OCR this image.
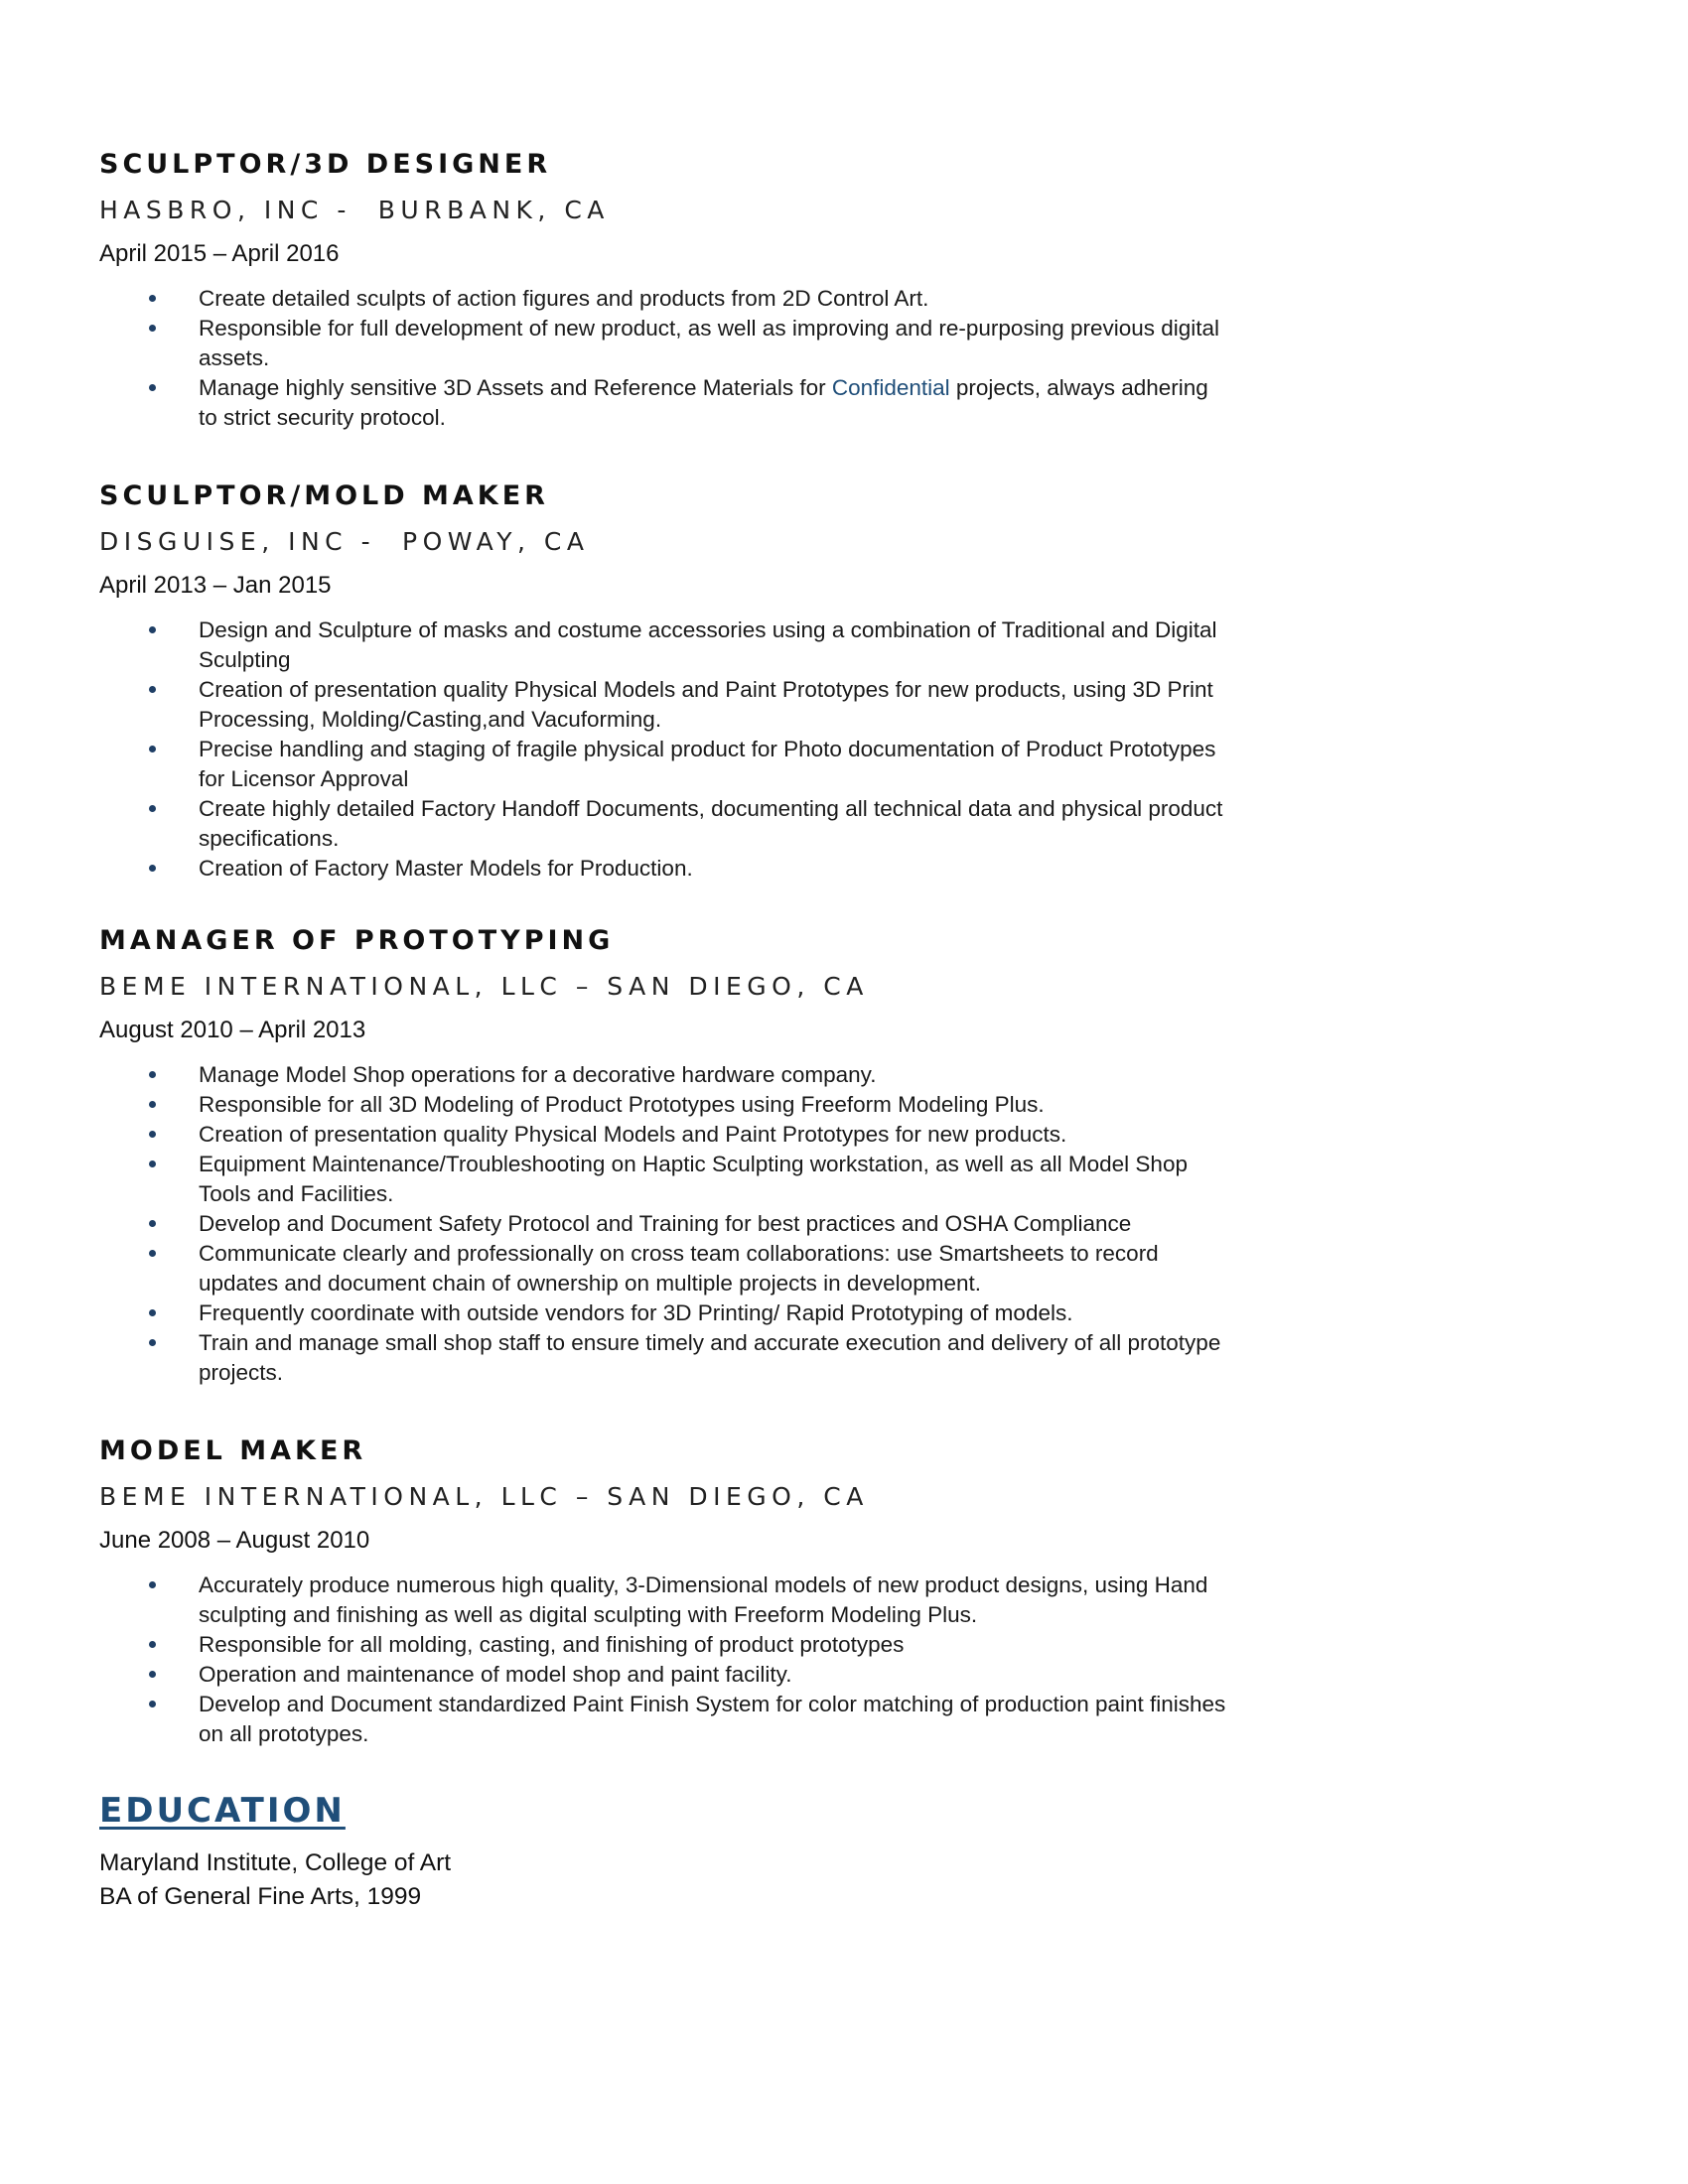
SCULPTOR/3D DESIGNER
HASBRO, INC -  BURBANK, CA
April 2015 – April 2016
Create detailed sculpts of action figures and products from 2D Control Art.
Responsible for full development of new product, as well as improving and re-purposing previous digital assets.
Manage highly sensitive 3D Assets and Reference Materials for Confidential projects, always adhering to strict security protocol.
SCULPTOR/MOLD MAKER
DISGUISE, INC -  POWAY, CA
April 2013 – Jan 2015
Design and Sculpture of masks and costume accessories using a combination of Traditional and Digital Sculpting
Creation of presentation quality Physical Models and Paint Prototypes for new products, using 3D Print Processing, Molding/Casting,and Vacuforming.
Precise handling and staging of fragile physical product for Photo documentation of Product Prototypes for Licensor Approval
Create highly detailed Factory Handoff Documents, documenting all technical data and physical product specifications.
Creation of Factory Master Models for Production.
MANAGER OF PROTOTYPING
BEME INTERNATIONAL, LLC – SAN DIEGO, CA
August 2010 – April 2013
Manage Model Shop operations for a decorative hardware company.
Responsible for all 3D Modeling of Product Prototypes using Freeform Modeling Plus.
Creation of presentation quality Physical Models and Paint Prototypes for new products.
Equipment Maintenance/Troubleshooting on Haptic Sculpting workstation, as well as all Model Shop Tools and Facilities.
Develop and Document Safety Protocol and Training for best practices and OSHA Compliance
Communicate clearly and professionally on cross team collaborations: use Smartsheets to record updates and document chain of ownership on multiple projects in development.
Frequently coordinate with outside vendors for 3D Printing/ Rapid Prototyping of models.
Train and manage small shop staff to ensure timely and accurate execution and delivery of all prototype projects.
MODEL MAKER
BEME INTERNATIONAL, LLC – SAN DIEGO, CA
June 2008 – August 2010
Accurately produce numerous high quality, 3-Dimensional models of new product designs, using Hand sculpting and finishing as well as digital sculpting with Freeform Modeling Plus.
Responsible for all molding, casting, and finishing of product prototypes
Operation and maintenance of model shop and paint facility.
Develop and Document standardized Paint Finish System for color matching of production paint finishes on all prototypes.
EDUCATION
Maryland Institute, College of Art
BA of General Fine Arts, 1999
